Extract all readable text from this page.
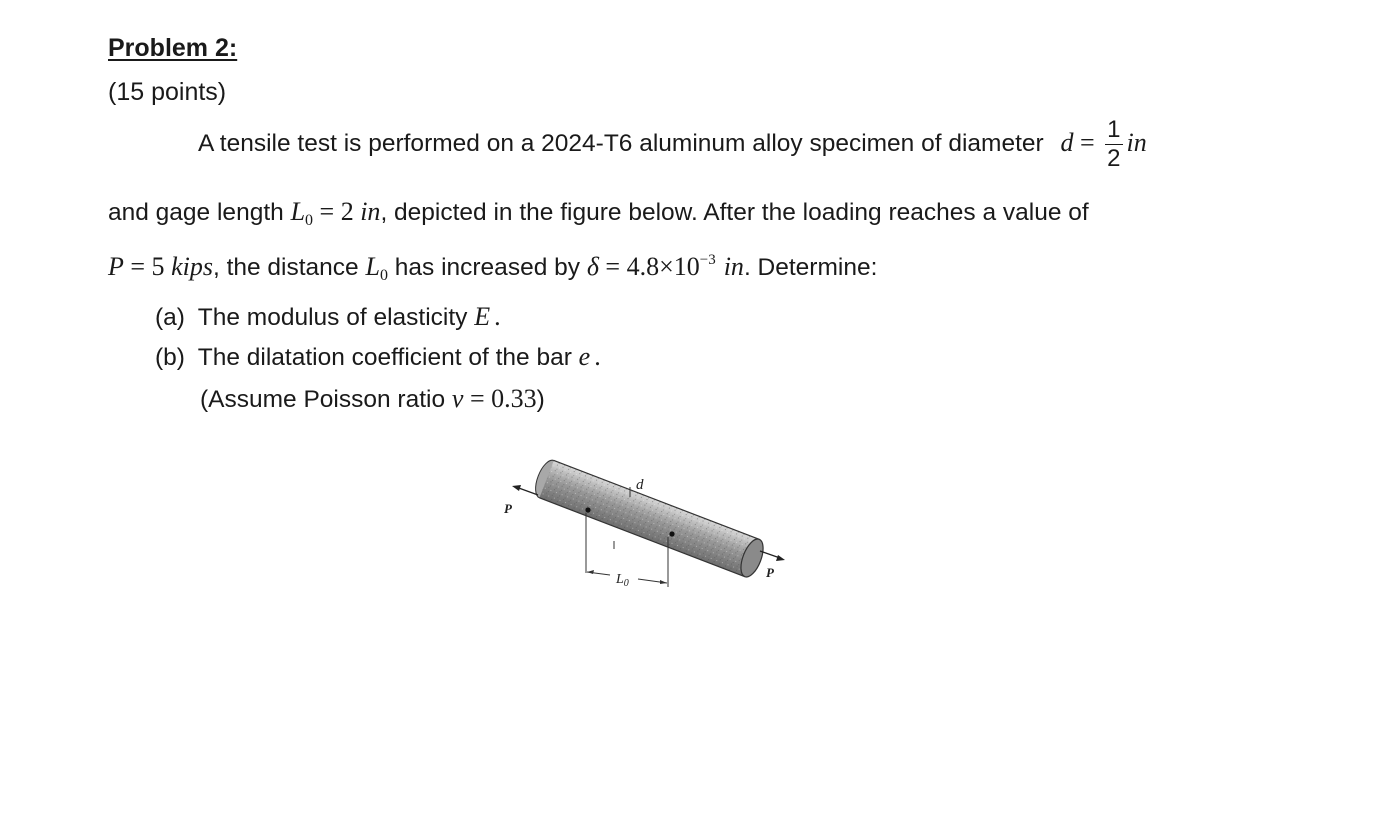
Problem 2:
(15 points)
A tensile test is performed on a 2024-T6 aluminum alloy specimen of diameter $d = \frac{1}{2}$ in
and gage length $L_0 = 2$ in, depicted in the figure below. After the loading reaches a value of
P = 5 kips, the distance $L_0$ has increased by $\delta = 4.8\times 10^{-3}$ in. Determine:
(a) The modulus of elasticity E .
(b) The dilatation coefficient of the bar e .
(Assume Poisson ratio ν = 0.33)
$L_0$
d
P
P
